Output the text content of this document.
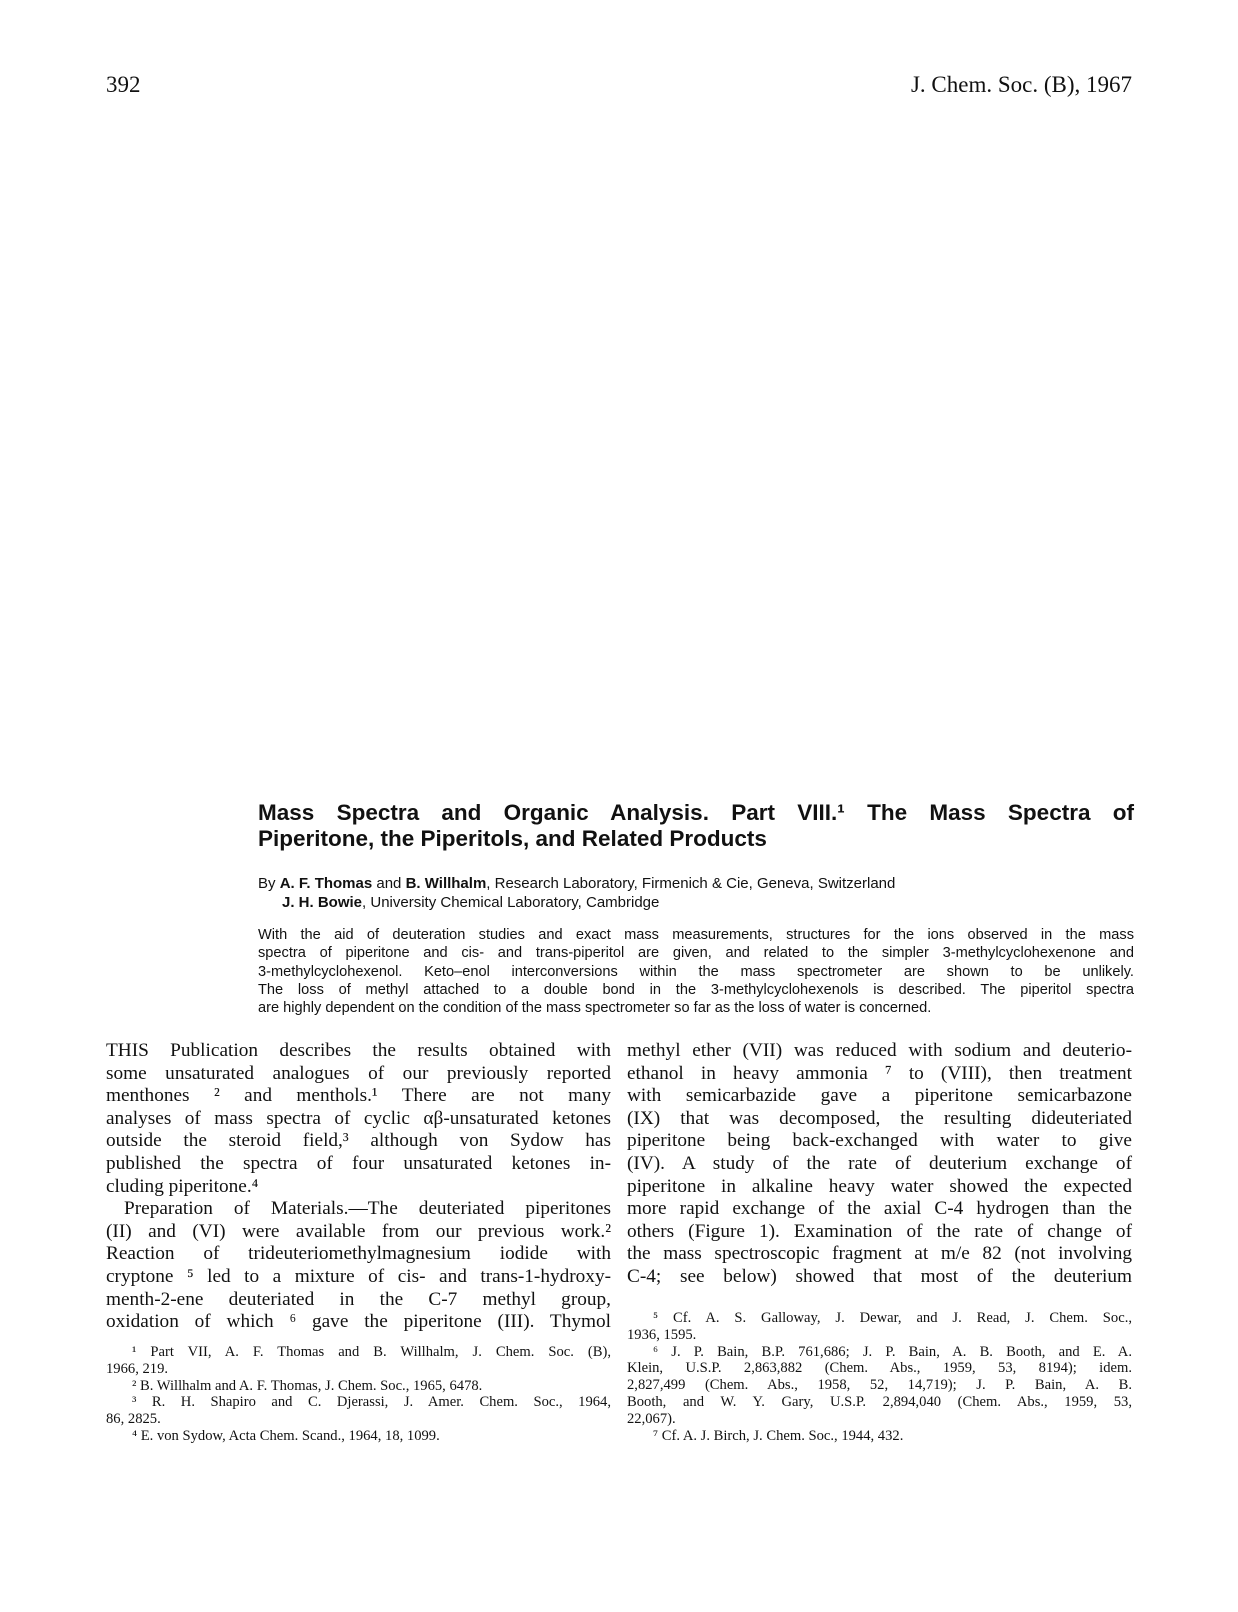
392	J. Chem. Soc. (B), 1967
Mass Spectra and Organic Analysis. Part VIII.¹ The Mass Spectra of
Piperitone, the Piperitols, and Related Products
By A. F. Thomas and B. Willhalm, Research Laboratory, Firmenich & Cie, Geneva, Switzerland
J. H. Bowie, University Chemical Laboratory, Cambridge
With the aid of deuteration studies and exact mass measurements, structures for the ions observed in the mass
spectra of piperitone and cis- and trans-piperitol are given, and related to the simpler 3-methylcyclohexenone and
3-methylcyclohexenol. Keto–enol interconversions within the mass spectrometer are shown to be unlikely.
The loss of methyl attached to a double bond in the 3-methylcyclohexenols is described. The piperitol spectra
are highly dependent on the condition of the mass spectrometer so far as the loss of water is concerned.
THIS Publication describes the results obtained with
some unsaturated analogues of our previously reported
menthones ² and menthols.¹ There are not many
analyses of mass spectra of cyclic αβ-unsaturated ketones
outside the steroid field,³ although von Sydow has
published the spectra of four unsaturated ketones in-
cluding piperitone.⁴
Preparation of Materials.—The deuteriated piperitones
(II) and (VI) were available from our previous work.²
Reaction of trideuteriomethylmagnesium iodide with
cryptone ⁵ led to a mixture of cis- and trans-1-hydroxy-
menth-2-ene deuteriated in the C-7 methyl group,
oxidation of which ⁶ gave the piperitone (III). Thymol
methyl ether (VII) was reduced with sodium and deuterio-
ethanol in heavy ammonia ⁷ to (VIII), then treatment
with semicarbazide gave a piperitone semicarbazone
(IX) that was decomposed, the resulting dideuteriated
piperitone being back-exchanged with water to give
(IV). A study of the rate of deuterium exchange of
piperitone in alkaline heavy water showed the expected
more rapid exchange of the axial C-4 hydrogen than the
others (Figure 1). Examination of the rate of change of
the mass spectroscopic fragment at m/e 82 (not involving
C-4; see below) showed that most of the deuterium
¹ Part VII, A. F. Thomas and B. Willhalm, J. Chem. Soc. (B),
1966, 219.
² B. Willhalm and A. F. Thomas, J. Chem. Soc., 1965, 6478.
³ R. H. Shapiro and C. Djerassi, J. Amer. Chem. Soc., 1964,
86, 2825.
⁴ E. von Sydow, Acta Chem. Scand., 1964, 18, 1099.
⁵ Cf. A. S. Galloway, J. Dewar, and J. Read, J. Chem. Soc.,
1936, 1595.
⁶ J. P. Bain, B.P. 761,686; J. P. Bain, A. B. Booth, and E. A.
Klein, U.S.P. 2,863,882 (Chem. Abs., 1959, 53, 8194); idem.
2,827,499 (Chem. Abs., 1958, 52, 14,719); J. P. Bain, A. B.
Booth, and W. Y. Gary, U.S.P. 2,894,040 (Chem. Abs., 1959, 53,
22,067).
⁷ Cf. A. J. Birch, J. Chem. Soc., 1944, 432.
